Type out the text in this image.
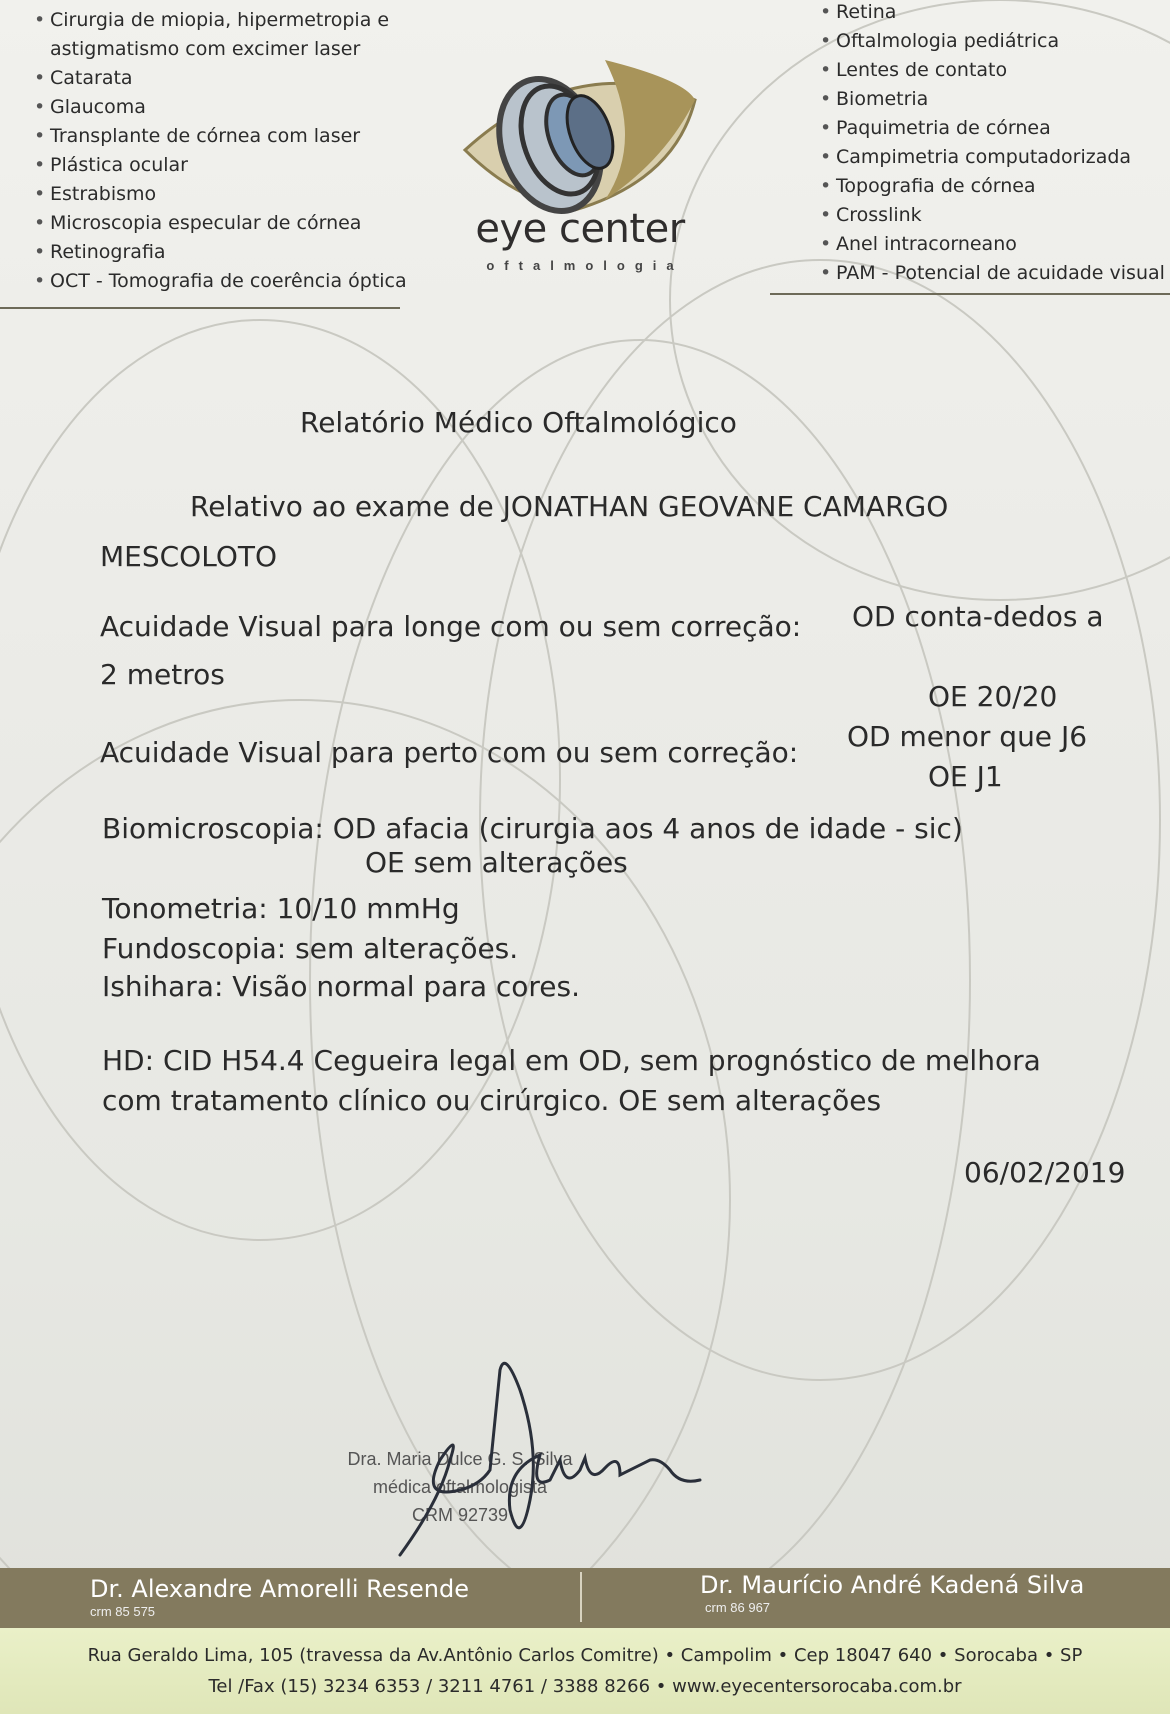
• Cirurgia de miopia, hipermetropia e astigmatismo com excimer laser
• Catarata
• Glaucoma
• Transplante de córnea com laser
• Plástica ocular
• Estrabismo
• Microscopia especular de córnea
• Retinografia
• OCT - Tomografia de coerência óptica
• Retina
• Oftalmologia pediátrica
• Lentes de contato
• Biometria
• Paquimetria de córnea
• Campimetria computadorizada
• Topografia de córnea
• Crosslink
• Anel intracorneano
• PAM - Potencial de acuidade visual
eye center
oftalmologia
Relatório Médico Oftalmológico
Relativo ao exame de JONATHAN GEOVANE CAMARGO MESCOLOTO
Acuidade Visual para longe com ou sem correção: OD conta-dedos a
2 metros
OE 20/20
Acuidade Visual para perto com ou sem correção: OD menor que J6
OE J1
Biomicroscopia: OD afacia (cirurgia aos 4 anos de idade - sic)
OE sem alterações
Tonometria: 10/10 mmHg
Fundoscopia: sem alterações.
Ishihara: Visão normal para cores.
HD: CID H54.4 Cegueira legal em OD, sem prognóstico de melhora
com tratamento clínico ou cirúrgico. OE sem alterações
06/02/2019
Dra. Maria Dulce G. S. Silva
médica oftalmologista
CRM 92739
Dr. Alexandre Amorelli Resende
crm 85 575
Dr. Maurício André Kadená Silva
crm 86 967
Rua Geraldo Lima, 105 (travessa da Av.Antônio Carlos Comitre) • Campolim • Cep 18047 640 • Sorocaba • SP
Tel /Fax (15) 3234 6353 / 3211 4761 / 3388 8266 • www.eyecentersorocaba.com.br
